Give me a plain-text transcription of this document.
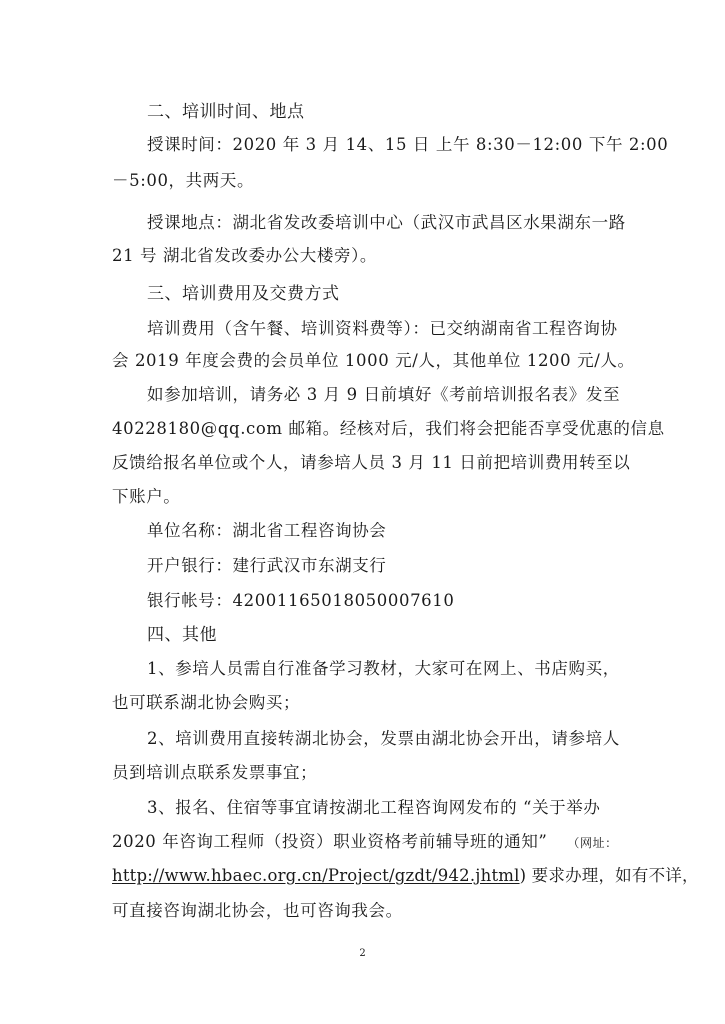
二、培训时间、地点
授课时间：2020 年 3 月 14、15 日 上午 8:30－12:00 下午 2:00
－5:00，共两天。
授课地点：湖北省发改委培训中心（武汉市武昌区水果湖东一路
21 号 湖北省发改委办公大楼旁）。
三、培训费用及交费方式
培训费用（含午餐、培训资料费等）：已交纳湖南省工程咨询协
会 2019 年度会费的会员单位 1000 元/人，其他单位 1200 元/人。
如参加培训，请务必 3 月 9 日前填好《考前培训报名表》发至
40228180@qq.com 邮箱。经核对后，我们将会把能否享受优惠的信息
反馈给报名单位或个人，请参培人员 3 月 11 日前把培训费用转至以
下账户。
单位名称：湖北省工程咨询协会
开户银行：建行武汉市东湖支行
银行帐号：42001165018050007610
四、其他
1、参培人员需自行准备学习教材，大家可在网上、书店购买，
也可联系湖北协会购买；
2、培训费用直接转湖北协会，发票由湖北协会开出，请参培人
员到培训点联系发票事宜；
3、报名、住宿等事宜请按湖北工程咨询网发布的 “关于举办
2020 年咨询工程师（投资）职业资格考前辅导班的通知” （网址：
http://www.hbaec.org.cn/Project/gzdt/942.jhtml) 要求办理，如有不详，
可直接咨询湖北协会，也可咨询我会。
2
